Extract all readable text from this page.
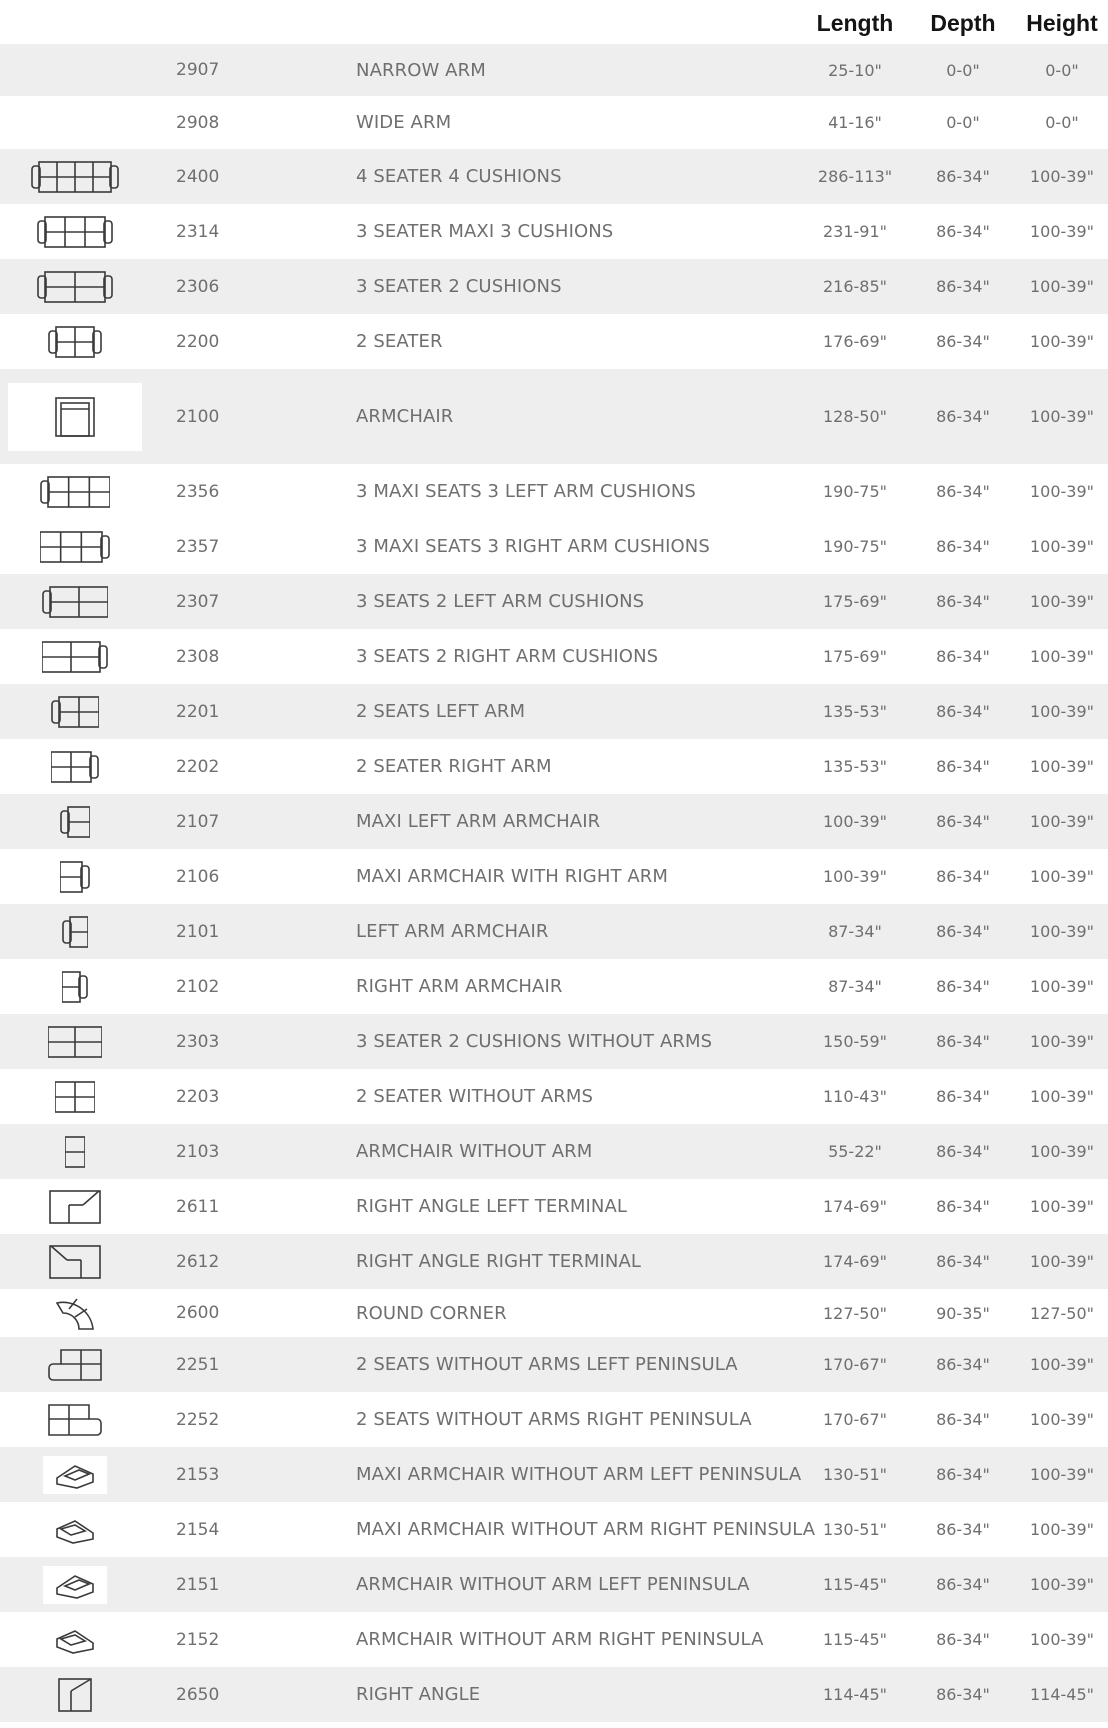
Length	Depth	Height
2907	NARROW ARM	25-10"	0-0"	0-0"
2908	WIDE ARM	41-16"	0-0"	0-0"
2400	4 SEATER 4 CUSHIONS	286-113"	86-34"	100-39"
2314	3 SEATER MAXI 3 CUSHIONS	231-91"	86-34"	100-39"
2306	3 SEATER 2 CUSHIONS	216-85"	86-34"	100-39"
2200	2 SEATER	176-69"	86-34"	100-39"
2100	ARMCHAIR	128-50"	86-34"	100-39"
2356	3 MAXI SEATS 3 LEFT ARM CUSHIONS	190-75"	86-34"	100-39"
2357	3 MAXI SEATS 3 RIGHT ARM CUSHIONS	190-75"	86-34"	100-39"
2307	3 SEATS 2 LEFT ARM CUSHIONS	175-69"	86-34"	100-39"
2308	3 SEATS 2 RIGHT ARM CUSHIONS	175-69"	86-34"	100-39"
2201	2 SEATS LEFT ARM	135-53"	86-34"	100-39"
2202	2 SEATER RIGHT ARM	135-53"	86-34"	100-39"
2107	MAXI LEFT ARM ARMCHAIR	100-39"	86-34"	100-39"
2106	MAXI ARMCHAIR WITH RIGHT ARM	100-39"	86-34"	100-39"
2101	LEFT ARM ARMCHAIR	87-34"	86-34"	100-39"
2102	RIGHT ARM ARMCHAIR	87-34"	86-34"	100-39"
2303	3 SEATER 2 CUSHIONS WITHOUT ARMS	150-59"	86-34"	100-39"
2203	2 SEATER WITHOUT ARMS	110-43"	86-34"	100-39"
2103	ARMCHAIR WITHOUT ARM	55-22"	86-34"	100-39"
2611	RIGHT ANGLE LEFT TERMINAL	174-69"	86-34"	100-39"
2612	RIGHT ANGLE RIGHT TERMINAL	174-69"	86-34"	100-39"
2600	ROUND CORNER	127-50"	90-35"	127-50"
2251	2 SEATS WITHOUT ARMS LEFT PENINSULA	170-67"	86-34"	100-39"
2252	2 SEATS WITHOUT ARMS RIGHT PENINSULA	170-67"	86-34"	100-39"
2153	MAXI ARMCHAIR WITHOUT ARM LEFT PENINSULA	130-51"	86-34"	100-39"
2154	MAXI ARMCHAIR WITHOUT ARM RIGHT PENINSULA 130-51"	86-34"	100-39"
2151	ARMCHAIR WITHOUT ARM LEFT PENINSULA	115-45"	86-34"	100-39"
2152	ARMCHAIR WITHOUT ARM RIGHT PENINSULA	115-45"	86-34"	100-39"
2650	RIGHT ANGLE	114-45"	86-34"	114-45"
